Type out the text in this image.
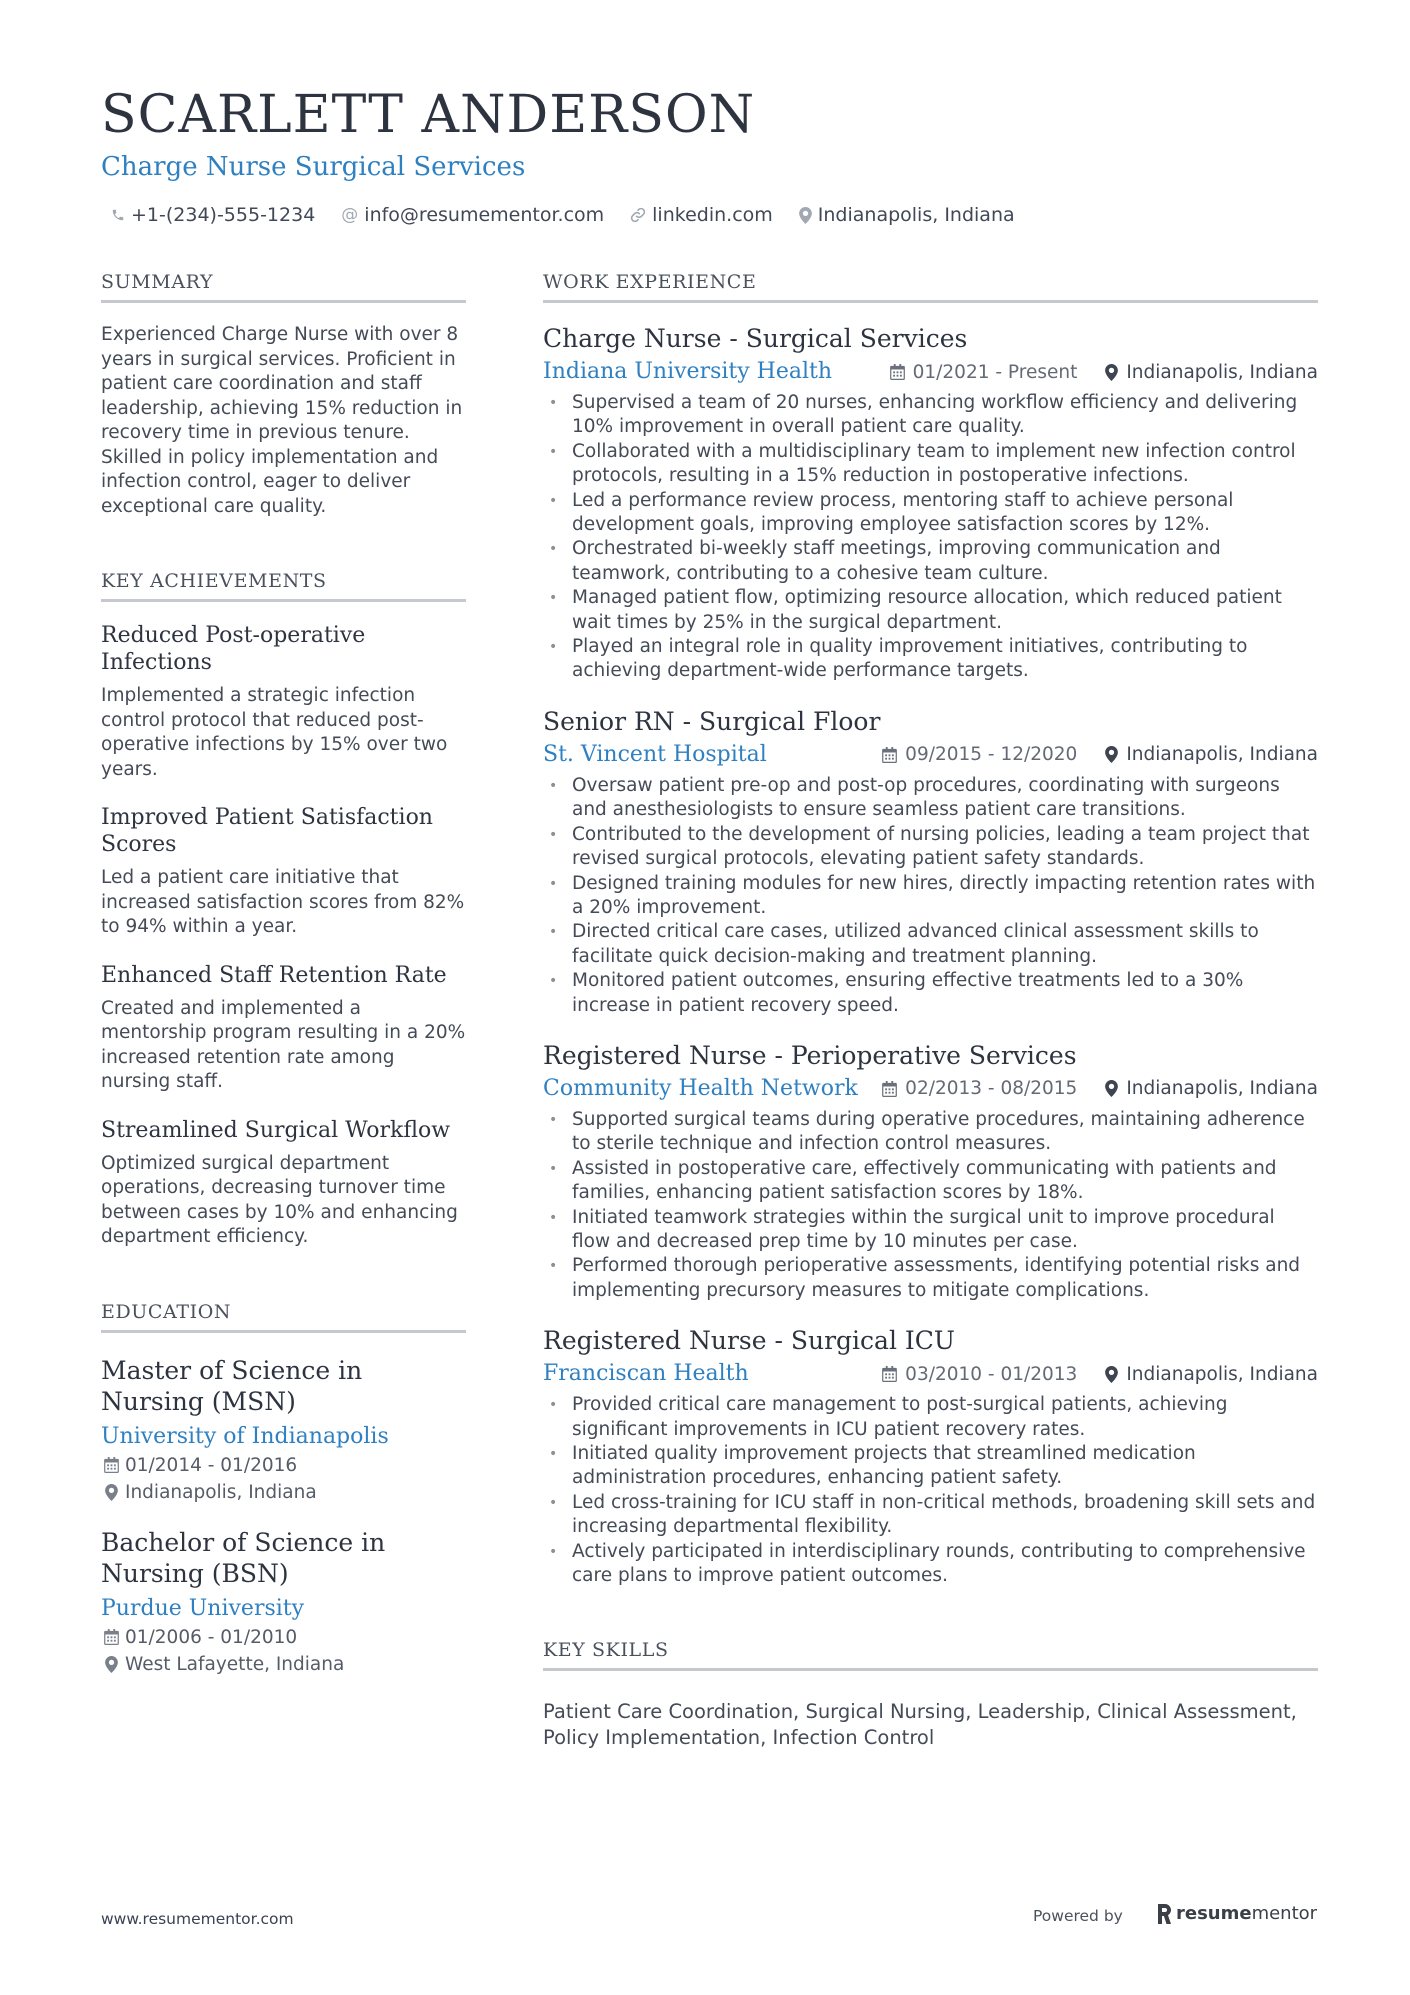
SCARLETT ANDERSON
Charge Nurse Surgical Services
+1-(234)-555-1234 @ info@resumementor.com	linkedin.com Indianapolis, Indiana
SUMMARY
Experienced Charge Nurse with over 8 years in surgical services. Proficient in patient care coordination and staff leadership, achieving 15% reduction in recovery time in previous tenure. Skilled in policy implementation and infection control, eager to deliver exceptional care quality.
KEY ACHIEVEMENTS
Reduced Post-operative Infections
Implemented a strategic infection control protocol that reduced post-operative infections by 15% over two years.
Improved Patient Satisfaction Scores
Led a patient care initiative that increased satisfaction scores from 82% to 94% within a year.
Enhanced Staff Retention Rate
Created and implemented a mentorship program resulting in a 20% increased retention rate among nursing staff.
Streamlined Surgical Workflow
Optimized surgical department operations, decreasing turnover time between cases by 10% and enhancing department efficiency.
EDUCATION
Master of Science in Nursing (MSN)
University of Indianapolis
01/2014 - 01/2016
Indianapolis, Indiana
Bachelor of Science in Nursing (BSN)
Purdue University
01/2006 - 01/2010
West Lafayette, Indiana
WORK EXPERIENCE
Charge Nurse - Surgical Services
Indiana University Health	01/2021 - Present	Indianapolis, Indiana
• Supervised a team of 20 nurses, enhancing workflow efficiency and delivering 10% improvement in overall patient care quality.
• Collaborated with a multidisciplinary team to implement new infection control protocols, resulting in a 15% reduction in postoperative infections.
• Led a performance review process, mentoring staff to achieve personal development goals, improving employee satisfaction scores by 12%.
• Orchestrated bi-weekly staff meetings, improving communication and teamwork, contributing to a cohesive team culture.
• Managed patient flow, optimizing resource allocation, which reduced patient wait times by 25% in the surgical department.
• Played an integral role in quality improvement initiatives, contributing to achieving department-wide performance targets.
Senior RN - Surgical Floor
St. Vincent Hospital	09/2015 - 12/2020	Indianapolis, Indiana
• Oversaw patient pre-op and post-op procedures, coordinating with surgeons and anesthesiologists to ensure seamless patient care transitions.
• Contributed to the development of nursing policies, leading a team project that revised surgical protocols, elevating patient safety standards.
• Designed training modules for new hires, directly impacting retention rates with a 20% improvement.
• Directed critical care cases, utilized advanced clinical assessment skills to facilitate quick decision-making and treatment planning.
• Monitored patient outcomes, ensuring effective treatments led to a 30% increase in patient recovery speed.
Registered Nurse - Perioperative Services
Community Health Network	02/2013 - 08/2015	Indianapolis, Indiana
• Supported surgical teams during operative procedures, maintaining adherence to sterile technique and infection control measures.
• Assisted in postoperative care, effectively communicating with patients and families, enhancing patient satisfaction scores by 18%.
• Initiated teamwork strategies within the surgical unit to improve procedural flow and decreased prep time by 10 minutes per case.
• Performed thorough perioperative assessments, identifying potential risks and implementing precursory measures to mitigate complications.
Registered Nurse - Surgical ICU
Franciscan Health	03/2010 - 01/2013	Indianapolis, Indiana
• Provided critical care management to post-surgical patients, achieving significant improvements in ICU patient recovery rates.
• Initiated quality improvement projects that streamlined medication administration procedures, enhancing patient safety.
• Led cross-training for ICU staff in non-critical methods, broadening skill sets and increasing departmental flexibility.
• Actively participated in interdisciplinary rounds, contributing to comprehensive care plans to improve patient outcomes.
KEY SKILLS
Patient Care Coordination, Surgical Nursing, Leadership, Clinical Assessment, Policy Implementation, Infection Control
www.resumementor.com	Powered by	resume mentor
